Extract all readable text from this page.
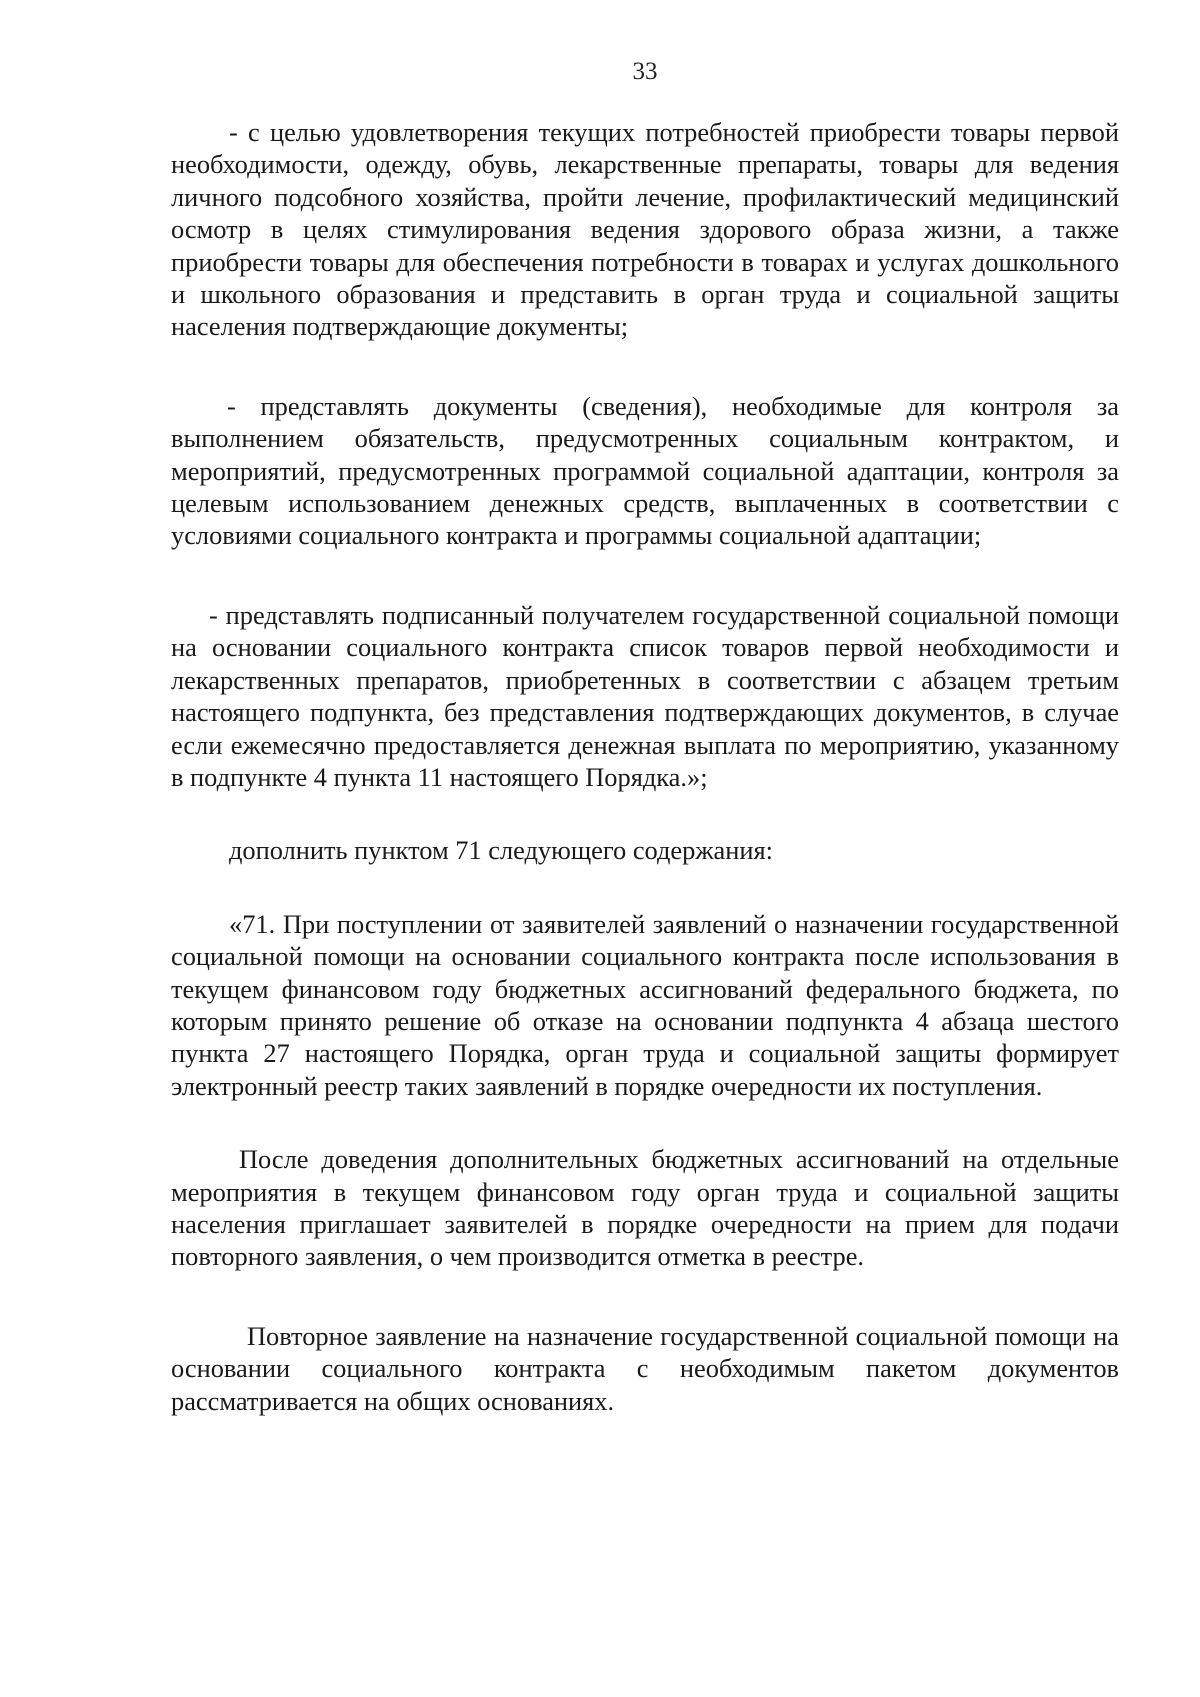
33

- с целью удовлетворения текущих потребностей приобрести товары первой необходимости, одежду, обувь, лекарственные препараты, товары для ведения личного подсобного хозяйства, пройти лечение, профилактический медицинский осмотр в целях стимулирования ведения здорового образа жизни, а также приобрести товары для обеспечения потребности в товарах и услугах дошкольного и школьного образования и представить в орган труда и социальной защиты населения подтверждающие документы;

- представлять документы (сведения), необходимые для контроля за выполнением обязательств, предусмотренных социальным контрактом, и мероприятий, предусмотренных программой социальной адаптации, контроля за целевым использованием денежных средств, выплаченных в соответствии с условиями социального контракта и программы социальной адаптации;

- представлять подписанный получателем государственной социальной помощи на основании социального контракта список товаров первой необходимости и лекарственных препаратов, приобретенных в соответствии с абзацем третьим настоящего подпункта, без представления подтверждающих документов, в случае если ежемесячно предоставляется денежная выплата по мероприятию, указанному в подпункте 4 пункта 11 настоящего Порядка.»;

дополнить пунктом 71 следующего содержания:

«71. При поступлении от заявителей заявлений о назначении государственной социальной помощи на основании социального контракта после использования в текущем финансовом году бюджетных ассигнований федерального бюджета, по которым принято решение об отказе на основании подпункта 4 абзаца шестого пункта 27 настоящего Порядка, орган труда и социальной защиты формирует электронный реестр таких заявлений в порядке очередности их поступления.

После доведения дополнительных бюджетных ассигнований на отдельные мероприятия в текущем финансовом году орган труда и социальной защиты населения приглашает заявителей в порядке очередности на прием для подачи повторного заявления, о чем производится отметка в реестре.

Повторное заявление на назначение государственной социальной помощи на основании социального контракта с необходимым пакетом документов рассматривается на общих основаниях.
